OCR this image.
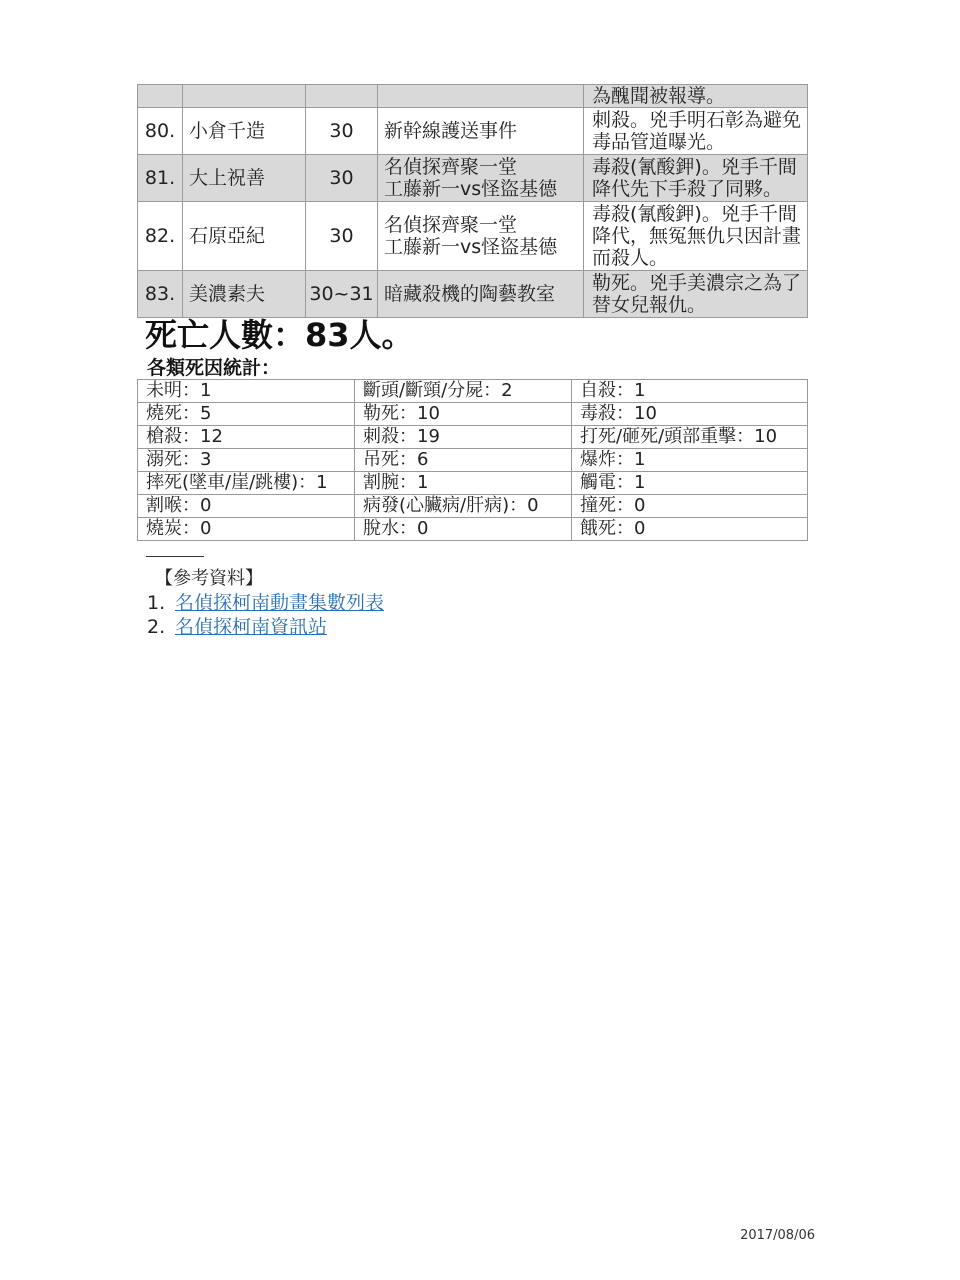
				為醜聞被報導。
80.	小倉千造	30	新幹線護送事件	刺殺。兇手明石彰為避免毒品管道曝光。
81.	大上祝善	30	名偵探齊聚一堂
工藤新一vs怪盜基德	毒殺(氰酸鉀)。兇手千間降代先下手殺了同夥。
82.	石原亞紀	30	名偵探齊聚一堂
工藤新一vs怪盜基德	毒殺(氰酸鉀)。兇手千間降代，無冤無仇只因計畫而殺人。
83.	美濃素夫	30~31	暗藏殺機的陶藝教室	勒死。兇手美濃宗之為了替女兒報仇。
死亡人數：83人。
各類死因統計：
未明：1	斷頭/斷頸/分屍：2	自殺：1
燒死：5	勒死：10	毒殺：10
槍殺：12	刺殺：19	打死/砸死/頭部重擊：10
溺死：3	吊死：6	爆炸：1
摔死(墜車/崖/跳樓)：1	割腕：1	觸電：1
割喉：0	病發(心臟病/肝病)：0	撞死：0
燒炭：0	脫水：0	餓死：0
【參考資料】
1. 名偵探柯南動畫集數列表
2. 名偵探柯南資訊站
2017/08/06
